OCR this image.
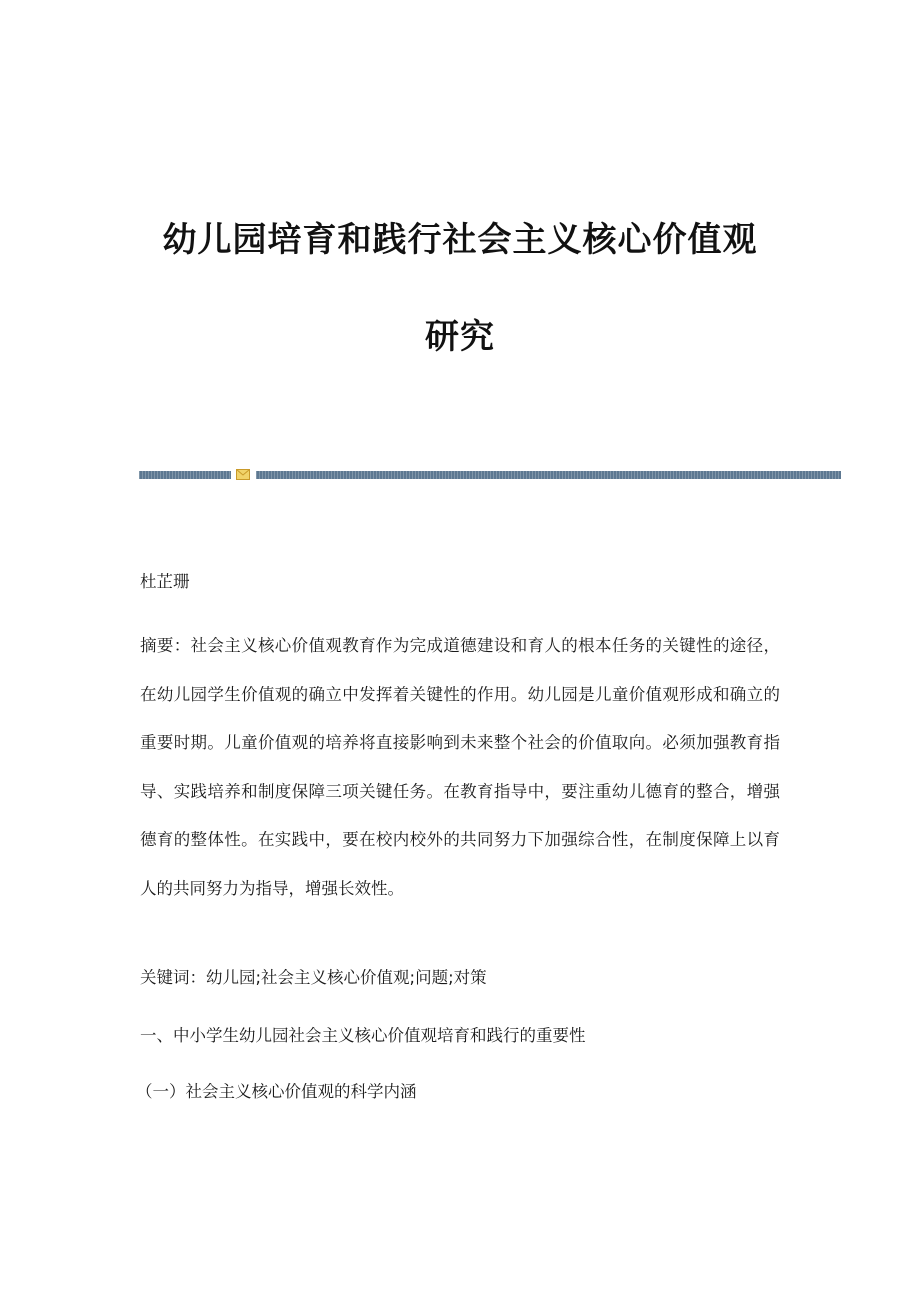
幼儿园培育和践行社会主义核心价值观
研究
杜芷珊
摘要：社会主义核心价值观教育作为完成道德建设和育人的根本任务的关键性的途径，在幼儿园学生价值观的确立中发挥着关键性的作用。幼儿园是儿童价值观形成和确立的重要时期。儿童价值观的培养将直接影响到未来整个社会的价值取向。必须加强教育指导、实践培养和制度保障三项关键任务。在教育指导中，要注重幼儿德育的整合，增强德育的整体性。在实践中，要在校内校外的共同努力下加强综合性，在制度保障上以育人的共同努力为指导，增强长效性。
关键词：幼儿园;社会主义核心价值观;问题;对策
一、中小学生幼儿园社会主义核心价值观培育和践行的重要性
（一）社会主义核心价值观的科学内涵
